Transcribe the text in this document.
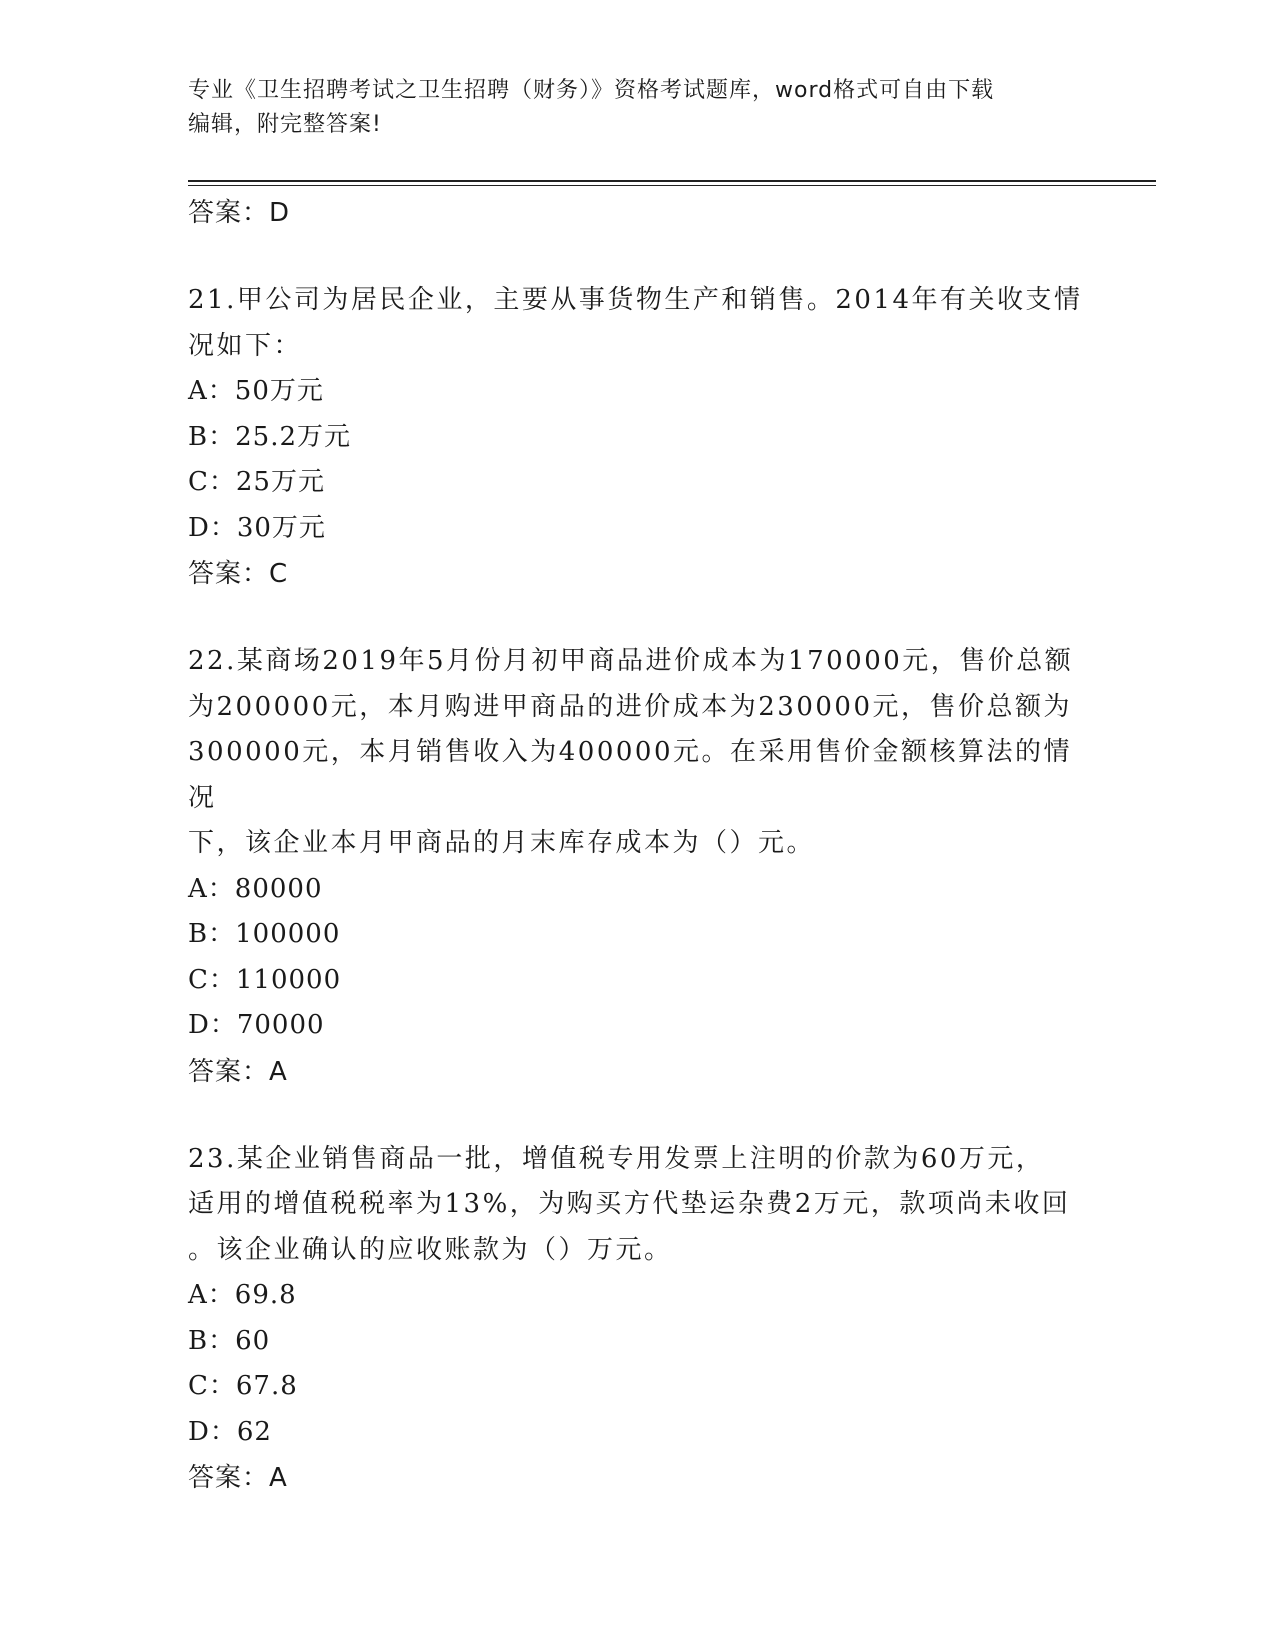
专业《卫生招聘考试之卫生招聘（财务）》资格考试题库，word格式可自由下载
编辑，附完整答案!
答案：D
21.甲公司为居民企业，主要从事货物生产和销售。2014年有关收支情
况如下：
A：50万元
B：25.2万元
C：25万元
D：30万元
答案：C
22.某商场2019年5月份月初甲商品进价成本为170000元，售价总额
为200000元，本月购进甲商品的进价成本为230000元，售价总额为
300000元，本月销售收入为400000元。在采用售价金额核算法的情况
下，该企业本月甲商品的月末库存成本为（）元。
A：80000
B：100000
C：110000
D：70000
答案：A
23.某企业销售商品一批，增值税专用发票上注明的价款为60万元，
适用的增值税税率为13%，为购买方代垫运杂费2万元，款项尚未收回
。该企业确认的应收账款为（）万元。
A：69.8
B：60
C：67.8
D：62
答案：A
